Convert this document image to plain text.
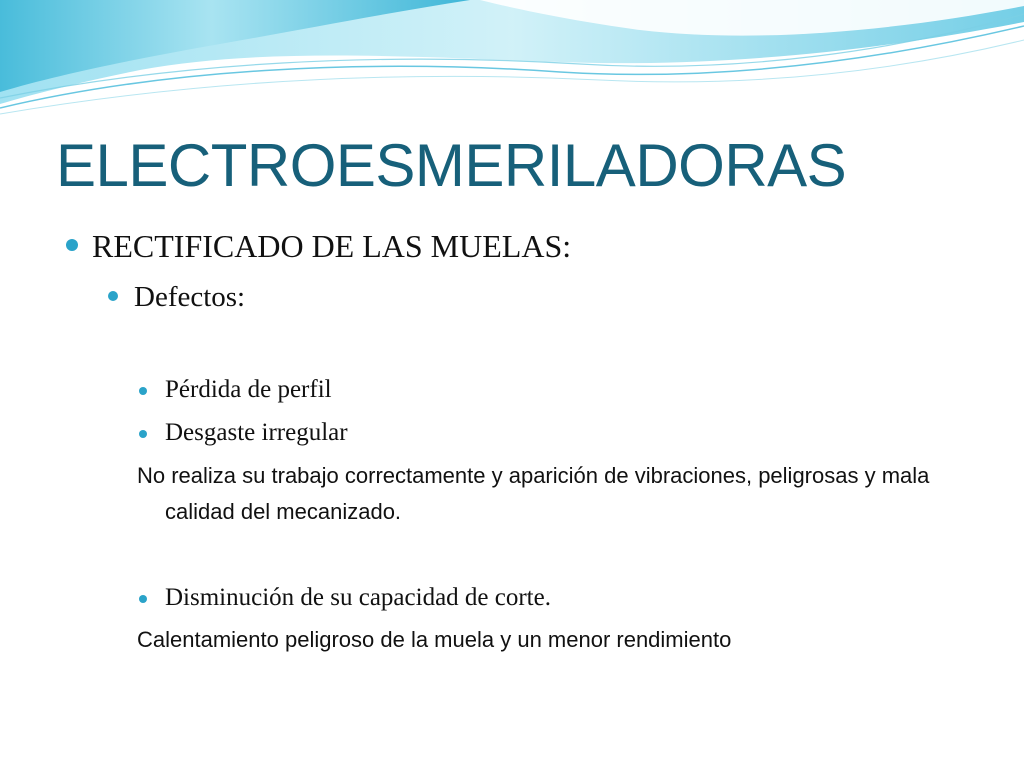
ELECTROESMERILADORAS

RECTIFICADO DE LAS MUELAS:

Defectos:

Pérdida de perfil

Desgaste irregular

No realiza su trabajo correctamente y aparición de vibraciones, peligrosas y mala calidad del mecanizado.

Disminución de su capacidad de corte.

Calentamiento peligroso de la muela y un menor rendimiento
